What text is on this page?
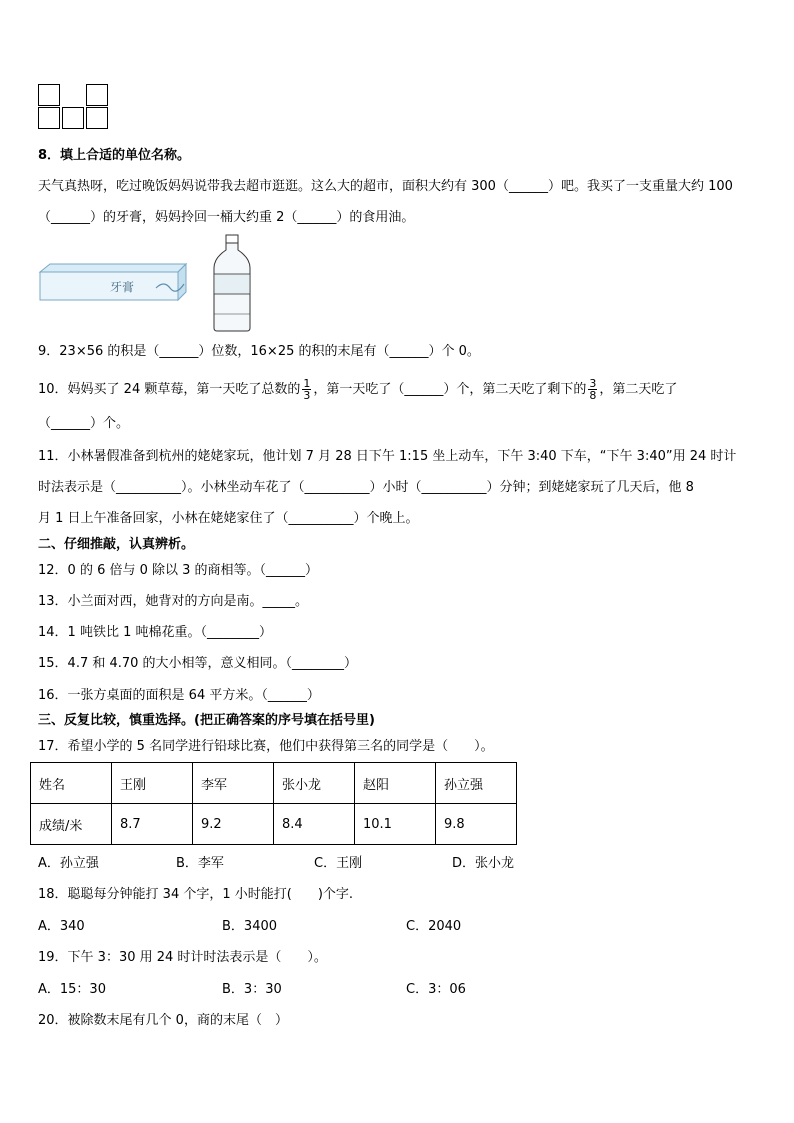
8．填上合适的单位名称。
天气真热呀，吃过晚饭妈妈说带我去超市逛逛。这么大的超市，面积大约有 300（______）吧。我买了一支重量大约 100
（______）的牙膏，妈妈拎回一桶大约重 2（______）的食用油。
牙膏
9．23×56 的积是（______）位数，16×25 的积的末尾有（______）个 0。
10．妈妈买了 24 颗草莓，第一天吃了总数的 $\frac{1}{3}$ ，第一天吃了（______）个，第二天吃了剩下的 $\frac{3}{8}$ ，第二天吃了
（______）个。
11．小林暑假准备到杭州的姥姥家玩，他计划 7 月 28 日下午 1:15 坐上动车，下午 3:40 下车，“下午 3:40”用 24 时计
时法表示是（__________）。小林坐动车花了（__________）小时（__________）分钟；到姥姥家玩了几天后，他 8
月 1 日上午准备回家，小林在姥姥家住了（__________）个晚上。
二、仔细推敲，认真辨析。
12．0 的 6 倍与 0 除以 3 的商相等。（______）
13．小兰面对西，她背对的方向是南。_____。
14．1 吨铁比 1 吨棉花重。（________）
15．4.7 和 4.70 的大小相等，意义相同。（________）
16．一张方桌面的面积是 64 平方米。（______）
三、反复比较，慎重选择。(把正确答案的序号填在括号里)
17．希望小学的 5 名同学进行铅球比赛，他们中获得第三名的同学是（　　）。
姓名	王刚	李军	张小龙	赵阳	孙立强
成绩/米	8.7	9.2	8.4	10.1	9.8
A．孙立强	B．李军	C．王刚	D．张小龙
18．聪聪每分钟能打 34 个字，1 小时能打(　　)个字.
A．340	B．3400	C．2040
19．下午 3：30 用 24 时计时法表示是（　　）。
A．15：30	B．3：30	C．3：06
20．被除数末尾有几个 0，商的末尾（　）
